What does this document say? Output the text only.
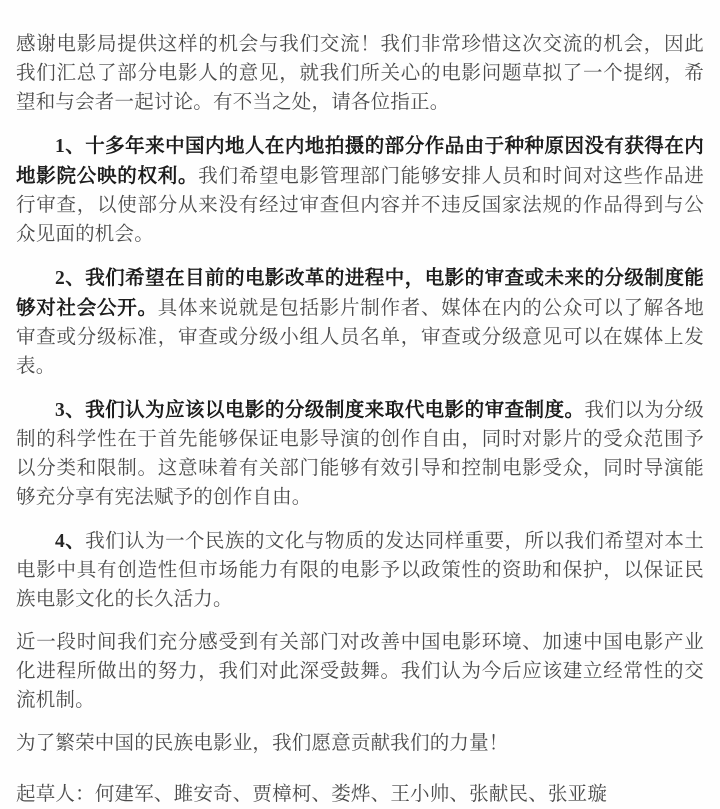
感谢电影局提供这样的机会与我们交流！我们非常珍惜这次交流的机会，因此我们汇总了部分电影人的意见，就我们所关心的电影问题草拟了一个提纲，希望和与会者一起讨论。有不当之处，请各位指正。

1、十多年来中国内地人在内地拍摄的部分作品由于种种原因没有获得在内地影院公映的权利。我们希望电影管理部门能够安排人员和时间对这些作品进行审查，以使部分从来没有经过审查但内容并不违反国家法规的作品得到与公众见面的机会。

2、我们希望在目前的电影改革的进程中，电影的审查或未来的分级制度能够对社会公开。具体来说就是包括影片制作者、媒体在内的公众可以了解各地审查或分级标准，审查或分级小组人员名单，审查或分级意见可以在媒体上发表。

3、我们认为应该以电影的分级制度来取代电影的审查制度。我们以为分级制的科学性在于首先能够保证电影导演的创作自由，同时对影片的受众范围予以分类和限制。这意味着有关部门能够有效引导和控制电影受众，同时导演能够充分享有宪法赋予的创作自由。

4、我们认为一个民族的文化与物质的发达同样重要，所以我们希望对本土电影中具有创造性但市场能力有限的电影予以政策性的资助和保护，以保证民族电影文化的长久活力。

近一段时间我们充分感受到有关部门对改善中国电影环境、加速中国电影产业化进程所做出的努力，我们对此深受鼓舞。我们认为今后应该建立经常性的交流机制。

为了繁荣中国的民族电影业，我们愿意贡献我们的力量！

起草人：何建军、雎安奇、贾樟柯、娄烨、王小帅、张献民、张亚璇
